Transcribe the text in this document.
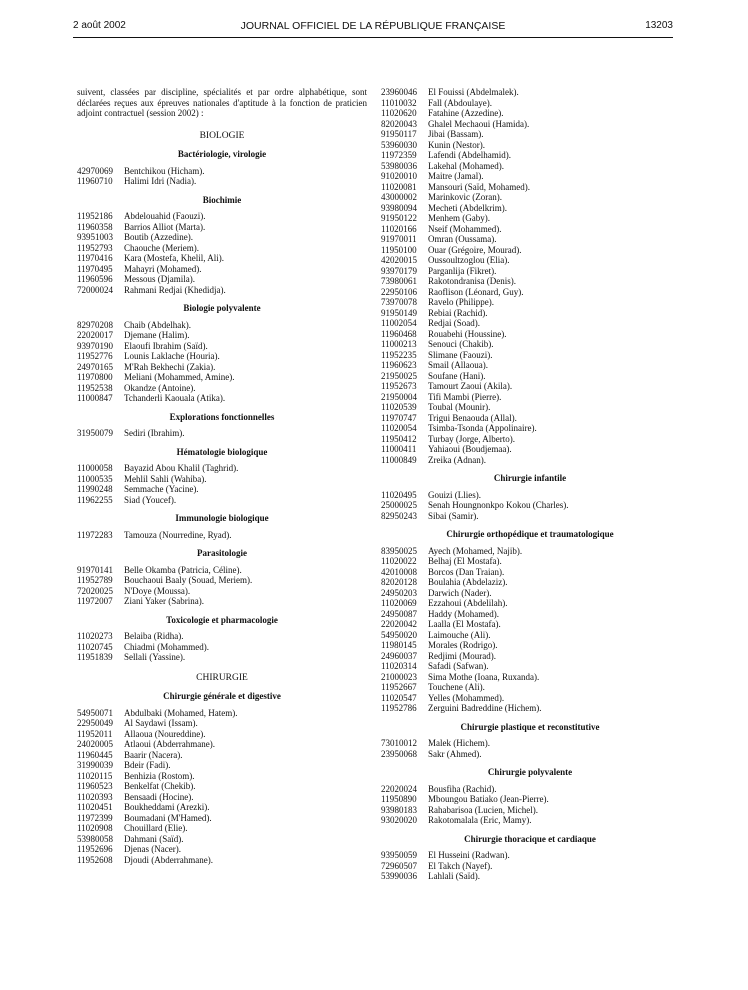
2 août 2002	JOURNAL OFFICIEL DE LA RÉPUBLIQUE FRANÇAISE	13203
suivent, classées par discipline, spécialités et par ordre alphabétique, sont déclarées reçues aux épreuves nationales d'aptitude à la fonction de praticien adjoint contractuel (session 2002) :
BIOLOGIE
Bactériologie, virologie
42970069	Bentchikou (Hicham).
11960710	Halimi Idri (Nadia).
Biochimie
11952186	Abdelouahid (Faouzi).
11960358	Barrios Alliot (Marta).
93951003	Boutib (Azzedine).
11952793	Chaouche (Meriem).
11970416	Kara (Mostefa, Khelil, Ali).
11970495	Mahayri (Mohamed).
11960596	Messous (Djamila).
72000024	Rahmani Redjai (Khedidja).
Biologie polyvalente
82970208	Chaib (Abdelhak).
22020017	Djemane (Halim).
93970190	Elaoufi Ibrahim (Saïd).
11952776	Lounis Laklache (Houria).
24970165	M'Rah Bekhechi (Zakia).
11970800	Meliani (Mohammed, Amine).
11952538	Okandze (Antoine).
11000847	Tchanderli Kaouala (Atika).
Explorations fonctionnelles
31950079	Sediri (Ibrahim).
Hématologie biologique
11000058	Bayazid Abou Khalil (Taghrid).
11000535	Mehlil Sahli (Wahiba).
11990248	Semmache (Yacine).
11962255	Siad (Youcef).
Immunologie biologique
11972283	Tamouza (Nourredine, Ryad).
Parasitologie
91970141	Belle Okamba (Patricia, Céline).
11952789	Bouchaoui Baaly (Souad, Meriem).
72020025	N'Doye (Moussa).
11972007	Ziani Yaker (Sabrina).
Toxicologie et pharmacologie
11020273	Belaiba (Ridha).
11020745	Chiadmi (Mohammed).
11951839	Sellali (Yassine).
CHIRURGIE
Chirurgie générale et digestive
54950071	Abdulbaki (Mohamed, Hatem).
22950049	Al Saydawi (Issam).
11952011	Allaoua (Noureddine).
24020005	Atlaoui (Abderrahmane).
11960445	Baarir (Nacera).
31990039	Bdeir (Fadi).
11020115	Benhizia (Rostom).
11960523	Benkelfat (Chekib).
11020393	Bensaadi (Hocine).
11020451	Boukheddami (Arezki).
11972399	Boumadani (M'Hamed).
11020908	Chouillard (Elie).
53980058	Dahmani (Saïd).
11952696	Djenas (Nacer).
11952608	Djoudi (Abderrahmane).
23960046	El Fouissi (Abdelmalek).
11010032	Fall (Abdoulaye).
11020620	Fatahine (Azzedine).
82020043	Ghalel Mechaoui (Hamida).
91950117	Jibai (Bassam).
53960030	Kunin (Nestor).
11972359	Lafendi (Abdelhamid).
53980036	Lakehal (Mohamed).
91020010	Maitre (Jamal).
11020081	Mansouri (Saïd, Mohamed).
43000002	Marinkovic (Zoran).
93980094	Mecheti (Abdelkrim).
91950122	Menhem (Gaby).
11020166	Nseif (Mohammed).
91970011	Omran (Oussama).
11950100	Ouar (Grégoire, Mourad).
42020015	Oussoultzoglou (Elia).
93970179	Parganlija (Fikret).
73980061	Rakotondranisa (Denis).
22950106	Raoflison (Léonard, Guy).
73970078	Ravelo (Philippe).
91950149	Rebiai (Rachid).
11002054	Redjai (Soad).
11960468	Rouabehi (Houssine).
11000213	Senouci (Chakib).
11952235	Slimane (Faouzi).
11960623	Smail (Allaoua).
21950025	Soufane (Hani).
11952673	Tamourt Zaoui (Akila).
21950004	Tifi Mambi (Pierre).
11020539	Toubal (Mounir).
11970747	Trigui Benaouda (Allal).
11020054	Tsimba-Tsonda (Appolinaire).
11950412	Turbay (Jorge, Alberto).
11000411	Yahiaoui (Boudjemaa).
11000849	Zreika (Adnan).
Chirurgie infantile
11020495	Gouizi (Llies).
25000025	Senah Houngnonkpo Kokou (Charles).
82950243	Sibai (Samir).
Chirurgie orthopédique et traumatologique
83950025	Ayech (Mohamed, Najib).
11020022	Belhaj (El Mostafa).
42010008	Borcos (Dan Traian).
82020128	Boulahia (Abdelaziz).
24950203	Darwich (Nader).
11020069	Ezzahoui (Abdelilah).
24950087	Haddy (Mohamed).
22020042	Laalla (El Mostafa).
54950020	Laimouche (Ali).
11980145	Morales (Rodrigo).
24960037	Redjimi (Mourad).
11020314	Safadi (Safwan).
21000023	Sima Mothe (Ioana, Ruxanda).
11952667	Touchene (Ali).
11020547	Yelles (Mohammed).
11952786	Zerguini Badreddine (Hichem).
Chirurgie plastique et reconstitutive
73010012	Malek (Hichem).
23950068	Sakr (Ahmed).
Chirurgie polyvalente
22020024	Bousfiha (Rachid).
11950890	Mboungou Batiako (Jean-Pierre).
93980183	Rahabarisoa (Lucien, Michel).
93020020	Rakotomalala (Eric, Mamy).
Chirurgie thoracique et cardiaque
93950059	El Husseini (Radwan).
72960507	El Takch (Nayef).
53990036	Lahlali (Saïd).
